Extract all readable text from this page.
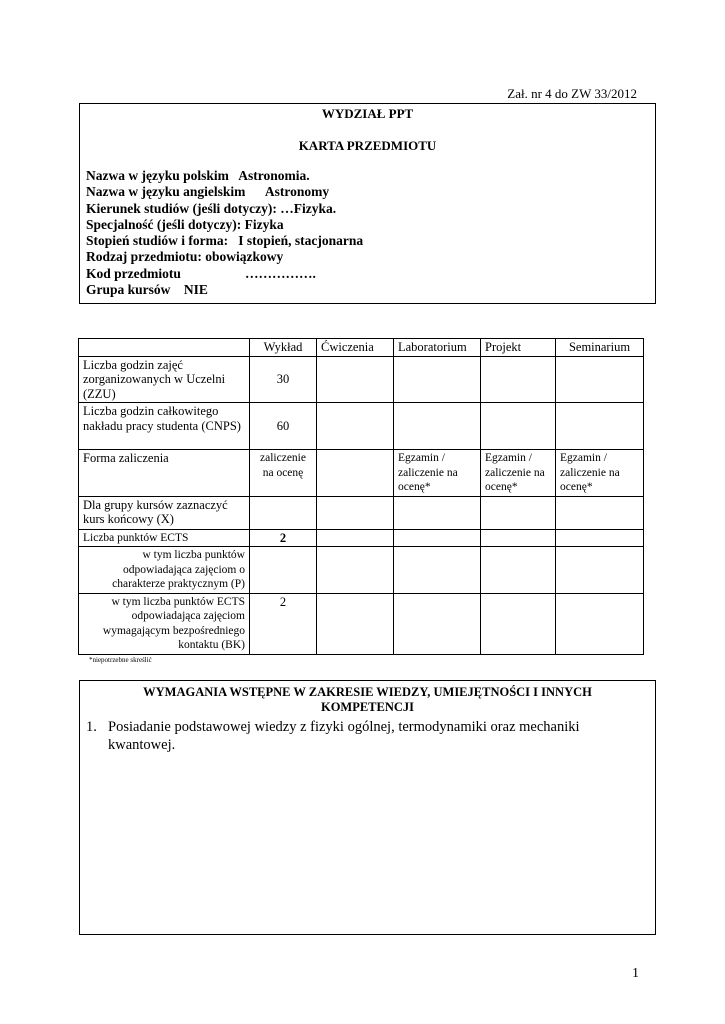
Zał. nr 4 do ZW 33/2012
WYDZIAŁ PPT
KARTA PRZEDMIOTU
Nazwa w języku polskim   Astronomia.
Nazwa w języku angielskim      Astronomy
Kierunek studiów (jeśli dotyczy): …Fizyka.
Specjalność (jeśli dotyczy): Fizyka
Stopień studiów i forma:   I stopień, stacjonarna
Rodzaj przedmiotu: obowiązkowy
Kod przedmiotu                   …………….
Grupa kursów    NIE
	Wykład	Ćwiczenia	Laboratorium	Projekt	Seminarium
Liczba godzin zajęć zorganizowanych w Uczelni (ZZU)	30				
Liczba godzin całkowitego nakładu pracy studenta (CNPS)	60				
Forma zaliczenia	zaliczenie na ocenę		Egzamin / zaliczenie na ocenę*	Egzamin / zaliczenie na ocenę*	Egzamin / zaliczenie na ocenę*
Dla grupy kursów zaznaczyć kurs końcowy (X)					
Liczba punktów ECTS	2				
w tym liczba punktów odpowiadająca zajęciom o charakterze praktycznym (P)					
w tym liczba punktów ECTS odpowiadająca zajęciom wymagającym bezpośredniego kontaktu (BK)	2				
*niepotrzebne skreślić
WYMAGANIA WSTĘPNE W ZAKRESIE WIEDZY, UMIEJĘTNOŚCI I INNYCH KOMPETENCJI
1. Posiadanie podstawowej wiedzy z fizyki ogólnej, termodynamiki oraz mechaniki kwantowej.
1
